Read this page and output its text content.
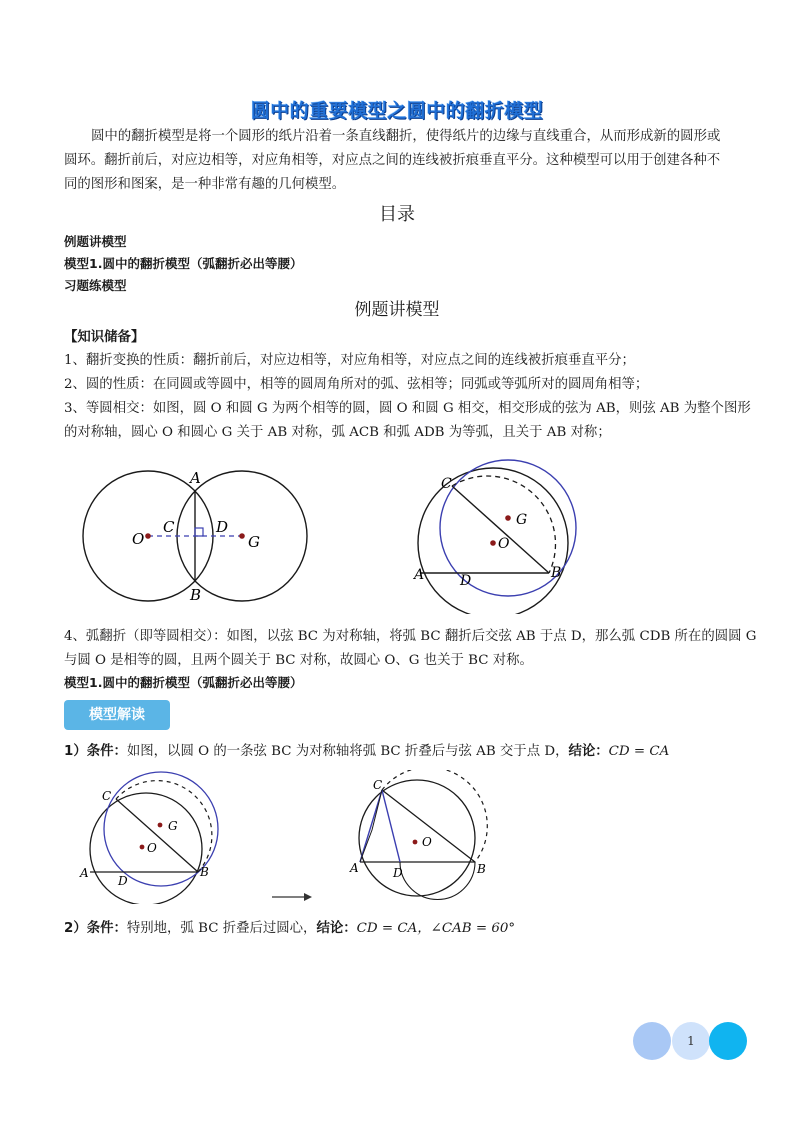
圆中的重要模型之圆中的翻折模型
圆中的翻折模型是将一个圆形的纸片沿着一条直线翻折，使得纸片的边缘与直线重合，从而形成新的圆形或圆环。翻折前后，对应边相等，对应角相等，对应点之间的连线被折痕垂直平分。这种模型可以用于创建各种不同的图形和图案，是一种非常有趣的几何模型。
目录
例题讲模型
模型1.圆中的翻折模型（弧翻折必出等腰）
习题练模型
例题讲模型
【知识储备】
1、翻折变换的性质：翻折前后，对应边相等，对应角相等，对应点之间的连线被折痕垂直平分；
2、圆的性质：在同圆或等圆中，相等的圆周角所对的弧、弦相等；同弧或等弧所对的圆周角相等；
3、等圆相交：如图，圆 O 和圆 G 为两个相等的圆，圆 O 和圆 G 相交，相交形成的弦为 AB，则弦 AB 为整个图形
的对称轴，圆心 O 和圆心 G 关于 AB 对称，弧 ACB 和弧 ADB 为等弧，且关于 AB 对称；
A
B
C	D
O	G
C
G
O
A	D	B
4、弧翻折（即等圆相交）：如图，以弦 BC 为对称轴，将弧 BC 翻折后交弦 AB 于点 D，那么弧 CDB 所在的圆圆 G
与圆 O 是相等的圆，且两个圆关于 BC 对称，故圆心 O、G 也关于 BC 对称。
模型1.圆中的翻折模型（弧翻折必出等腰）
模型解读
1）条件：如图，以圆 O 的一条弦 BC 为对称轴将弧 BC 折叠后与弦 AB 交于点 D，结论：CD = CA
C
G
O
A
D
B
C
O
A	D	B
2）条件：特别地，弧 BC 折叠后过圆心，结论：CD = CA，∠CAB = 60°
1
